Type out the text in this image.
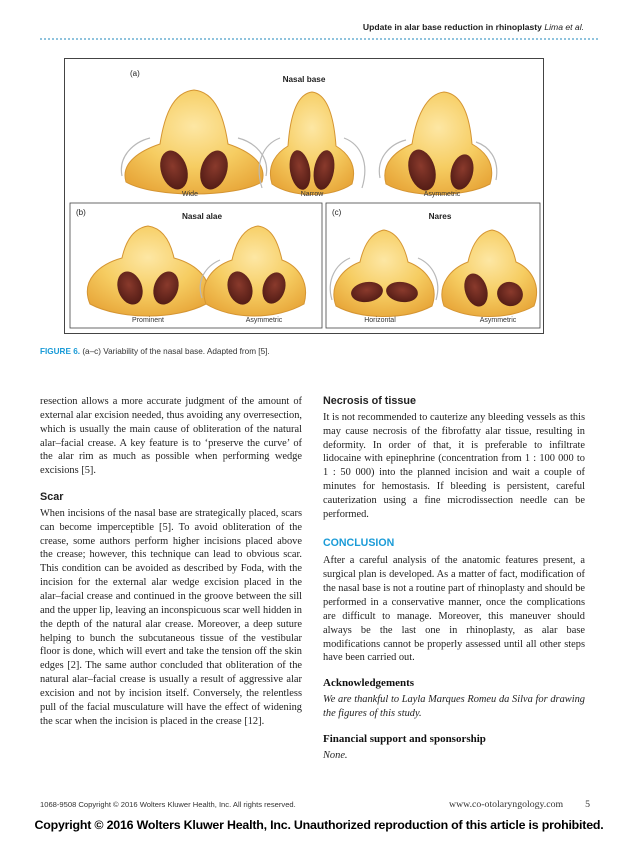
Update in alar base reduction in rhinoplasty Lima et al.
(a)
Nasal base
(b)	Nasal alae	(c)	Nares
Wide	Narrow	Asymmetric
Prominent	Asymmetric	Horizontal	Asymmetric
FIGURE 6. (a–c) Variability of the nasal base. Adapted from [5].

resection allows a more accurate judgment of the amount of external alar excision needed, thus avoiding any overresection, which is usually the main cause of obliteration of the natural alar–facial crease. A key feature is to ‘preserve the curve’ of the alar rim as much as possible when performing wedge excisions [5].

Scar

When incisions of the nasal base are strategically placed, scars can become imperceptible [5]. To avoid obliteration of the crease, some authors perform higher incisions placed above the crease; however, this technique can lead to obvious scar. This condition can be avoided as described by Foda, with the incision for the external alar wedge excision placed in the alar–facial crease and continued in the groove between the sill and the upper lip, leaving an inconspicuous scar well hidden in the depth of the natural alar crease. Moreover, a deep suture helping to bunch the subcutaneous tissue of the vestibular floor is done, which will evert and take the tension off the skin edges [2]. The same author concluded that obliteration of the natural alar–facial crease is usually a result of aggressive alar excision and not by incision itself. Conversely, the relentless pull of the facial musculature will have the effect of widening the scar when the incision is placed in the crease [12].

Necrosis of tissue

It is not recommended to cauterize any bleeding vessels as this may cause necrosis of the fibrofatty alar tissue, resulting in deformity. In order of that, it is preferable to infiltrate lidocaine with epinephrine (concentration from 1 : 100 000 to 1 : 50 000) into the planned incision and wait a couple of minutes for hemostasis. If bleeding is persistent, careful cauterization using a fine microdissection needle can be performed.

CONCLUSION

After a careful analysis of the anatomic features present, a surgical plan is developed. As a matter of fact, modification of the nasal base is not a routine part of rhinoplasty and should be performed in a conservative manner, once the complications are difficult to manage. Moreover, this maneuver should always be the last one in rhinoplasty, as alar base modifications cannot be properly assessed until all other steps have been carried out.

Acknowledgements

We are thankful to Layla Marques Romeu da Silva for drawing the figures of this study.

Financial support and sponsorship

None.

1068-9508 Copyright © 2016 Wolters Kluwer Health, Inc. All rights reserved.	www.co-otolaryngology.com 5
Copyright © 2016 Wolters Kluwer Health, Inc. Unauthorized reproduction of this article is prohibited.
